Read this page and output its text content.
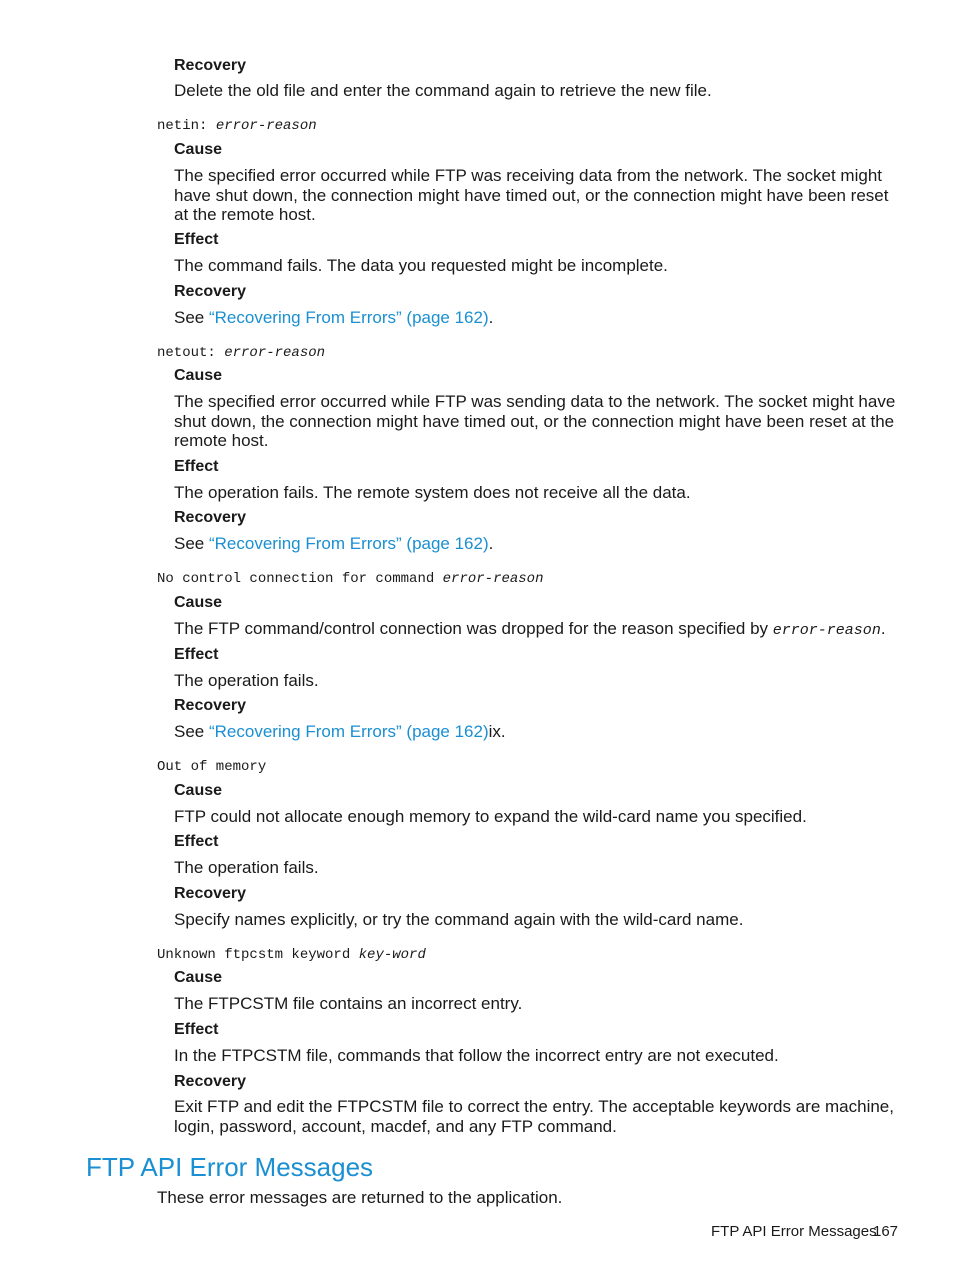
Recovery
Delete the old file and enter the command again to retrieve the new file.
netin: error-reason
Cause
The specified error occurred while FTP was receiving data from the network. The socket might have shut down, the connection might have timed out, or the connection might have been reset at the remote host.
Effect
The command fails. The data you requested might be incomplete.
Recovery
See “Recovering From Errors” (page 162).
netout: error-reason
Cause
The specified error occurred while FTP was sending data to the network. The socket might have shut down, the connection might have timed out, or the connection might have been reset at the remote host.
Effect
The operation fails. The remote system does not receive all the data.
Recovery
See “Recovering From Errors” (page 162).
No control connection for command error-reason
Cause
The FTP command/control connection was dropped for the reason specified by error-reason.
Effect
The operation fails.
Recovery
See “Recovering From Errors” (page 162)ix.
Out of memory
Cause
FTP could not allocate enough memory to expand the wild-card name you specified.
Effect
The operation fails.
Recovery
Specify names explicitly, or try the command again with the wild-card name.
Unknown ftpcstm keyword key-word
Cause
The FTPCSTM file contains an incorrect entry.
Effect
In the FTPCSTM file, commands that follow the incorrect entry are not executed.
Recovery
Exit FTP and edit the FTPCSTM file to correct the entry. The acceptable keywords are machine, login, password, account, macdef, and any FTP command.
FTP API Error Messages
These error messages are returned to the application.
FTP API Error Messages
167
